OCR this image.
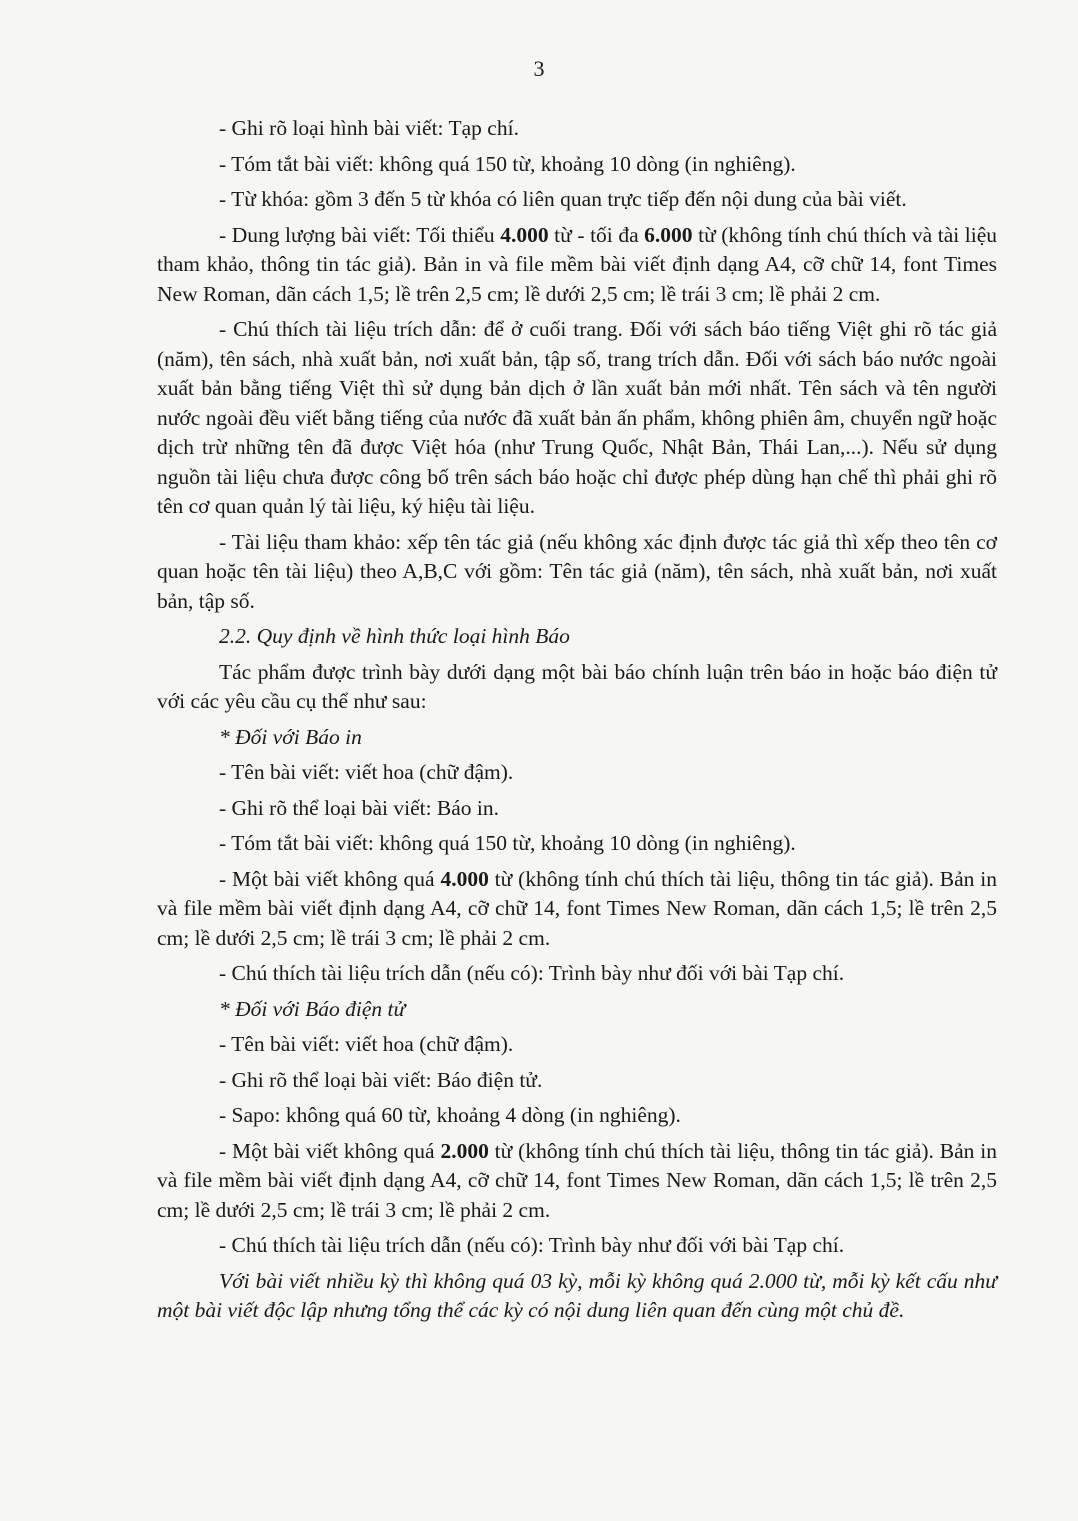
3

- Ghi rõ loại hình bài viết: Tạp chí.

- Tóm tắt bài viết: không quá 150 từ, khoảng 10 dòng (in nghiêng).

- Từ khóa: gồm 3 đến 5 từ khóa có liên quan trực tiếp đến nội dung của bài viết.

- Dung lượng bài viết: Tối thiểu 4.000 từ - tối đa 6.000 từ (không tính chú thích và tài liệu tham khảo, thông tin tác giả). Bản in và file mềm bài viết định dạng A4, cỡ chữ 14, font Times New Roman, dãn cách 1,5; lề trên 2,5 cm; lề dưới 2,5 cm; lề trái 3 cm; lề phải 2 cm.

- Chú thích tài liệu trích dẫn: để ở cuối trang. Đối với sách báo tiếng Việt ghi rõ tác giả (năm), tên sách, nhà xuất bản, nơi xuất bản, tập số, trang trích dẫn. Đối với sách báo nước ngoài xuất bản bằng tiếng Việt thì sử dụng bản dịch ở lần xuất bản mới nhất. Tên sách và tên người nước ngoài đều viết bằng tiếng của nước đã xuất bản ấn phẩm, không phiên âm, chuyển ngữ hoặc dịch trừ những tên đã được Việt hóa (như Trung Quốc, Nhật Bản, Thái Lan,...). Nếu sử dụng nguồn tài liệu chưa được công bố trên sách báo hoặc chỉ được phép dùng hạn chế thì phải ghi rõ tên cơ quan quản lý tài liệu, ký hiệu tài liệu.

- Tài liệu tham khảo: xếp tên tác giả (nếu không xác định được tác giả thì xếp theo tên cơ quan hoặc tên tài liệu) theo A,B,C với gồm: Tên tác giả (năm), tên sách, nhà xuất bản, nơi xuất bản, tập số.

2.2. Quy định về hình thức loại hình Báo

Tác phẩm được trình bày dưới dạng một bài báo chính luận trên báo in hoặc báo điện tử với các yêu cầu cụ thể như sau:

* Đối với Báo in

- Tên bài viết: viết hoa (chữ đậm).

- Ghi rõ thể loại bài viết: Báo in.

- Tóm tắt bài viết: không quá 150 từ, khoảng 10 dòng (in nghiêng).

- Một bài viết không quá 4.000 từ (không tính chú thích tài liệu, thông tin tác giả). Bản in và file mềm bài viết định dạng A4, cỡ chữ 14, font Times New Roman, dãn cách 1,5; lề trên 2,5 cm; lề dưới 2,5 cm; lề trái 3 cm; lề phải 2 cm.

- Chú thích tài liệu trích dẫn (nếu có): Trình bày như đối với bài Tạp chí.

* Đối với Báo điện tử

- Tên bài viết: viết hoa (chữ đậm).

- Ghi rõ thể loại bài viết: Báo điện tử.

- Sapo: không quá 60 từ, khoảng 4 dòng (in nghiêng).

- Một bài viết không quá 2.000 từ (không tính chú thích tài liệu, thông tin tác giả). Bản in và file mềm bài viết định dạng A4, cỡ chữ 14, font Times New Roman, dãn cách 1,5; lề trên 2,5 cm; lề dưới 2,5 cm; lề trái 3 cm; lề phải 2 cm.

- Chú thích tài liệu trích dẫn (nếu có): Trình bày như đối với bài Tạp chí.

Với bài viết nhiều kỳ thì không quá 03 kỳ, mỗi kỳ không quá 2.000 từ, mỗi kỳ kết cấu như một bài viết độc lập nhưng tổng thể các kỳ có nội dung liên quan đến cùng một chủ đề.
